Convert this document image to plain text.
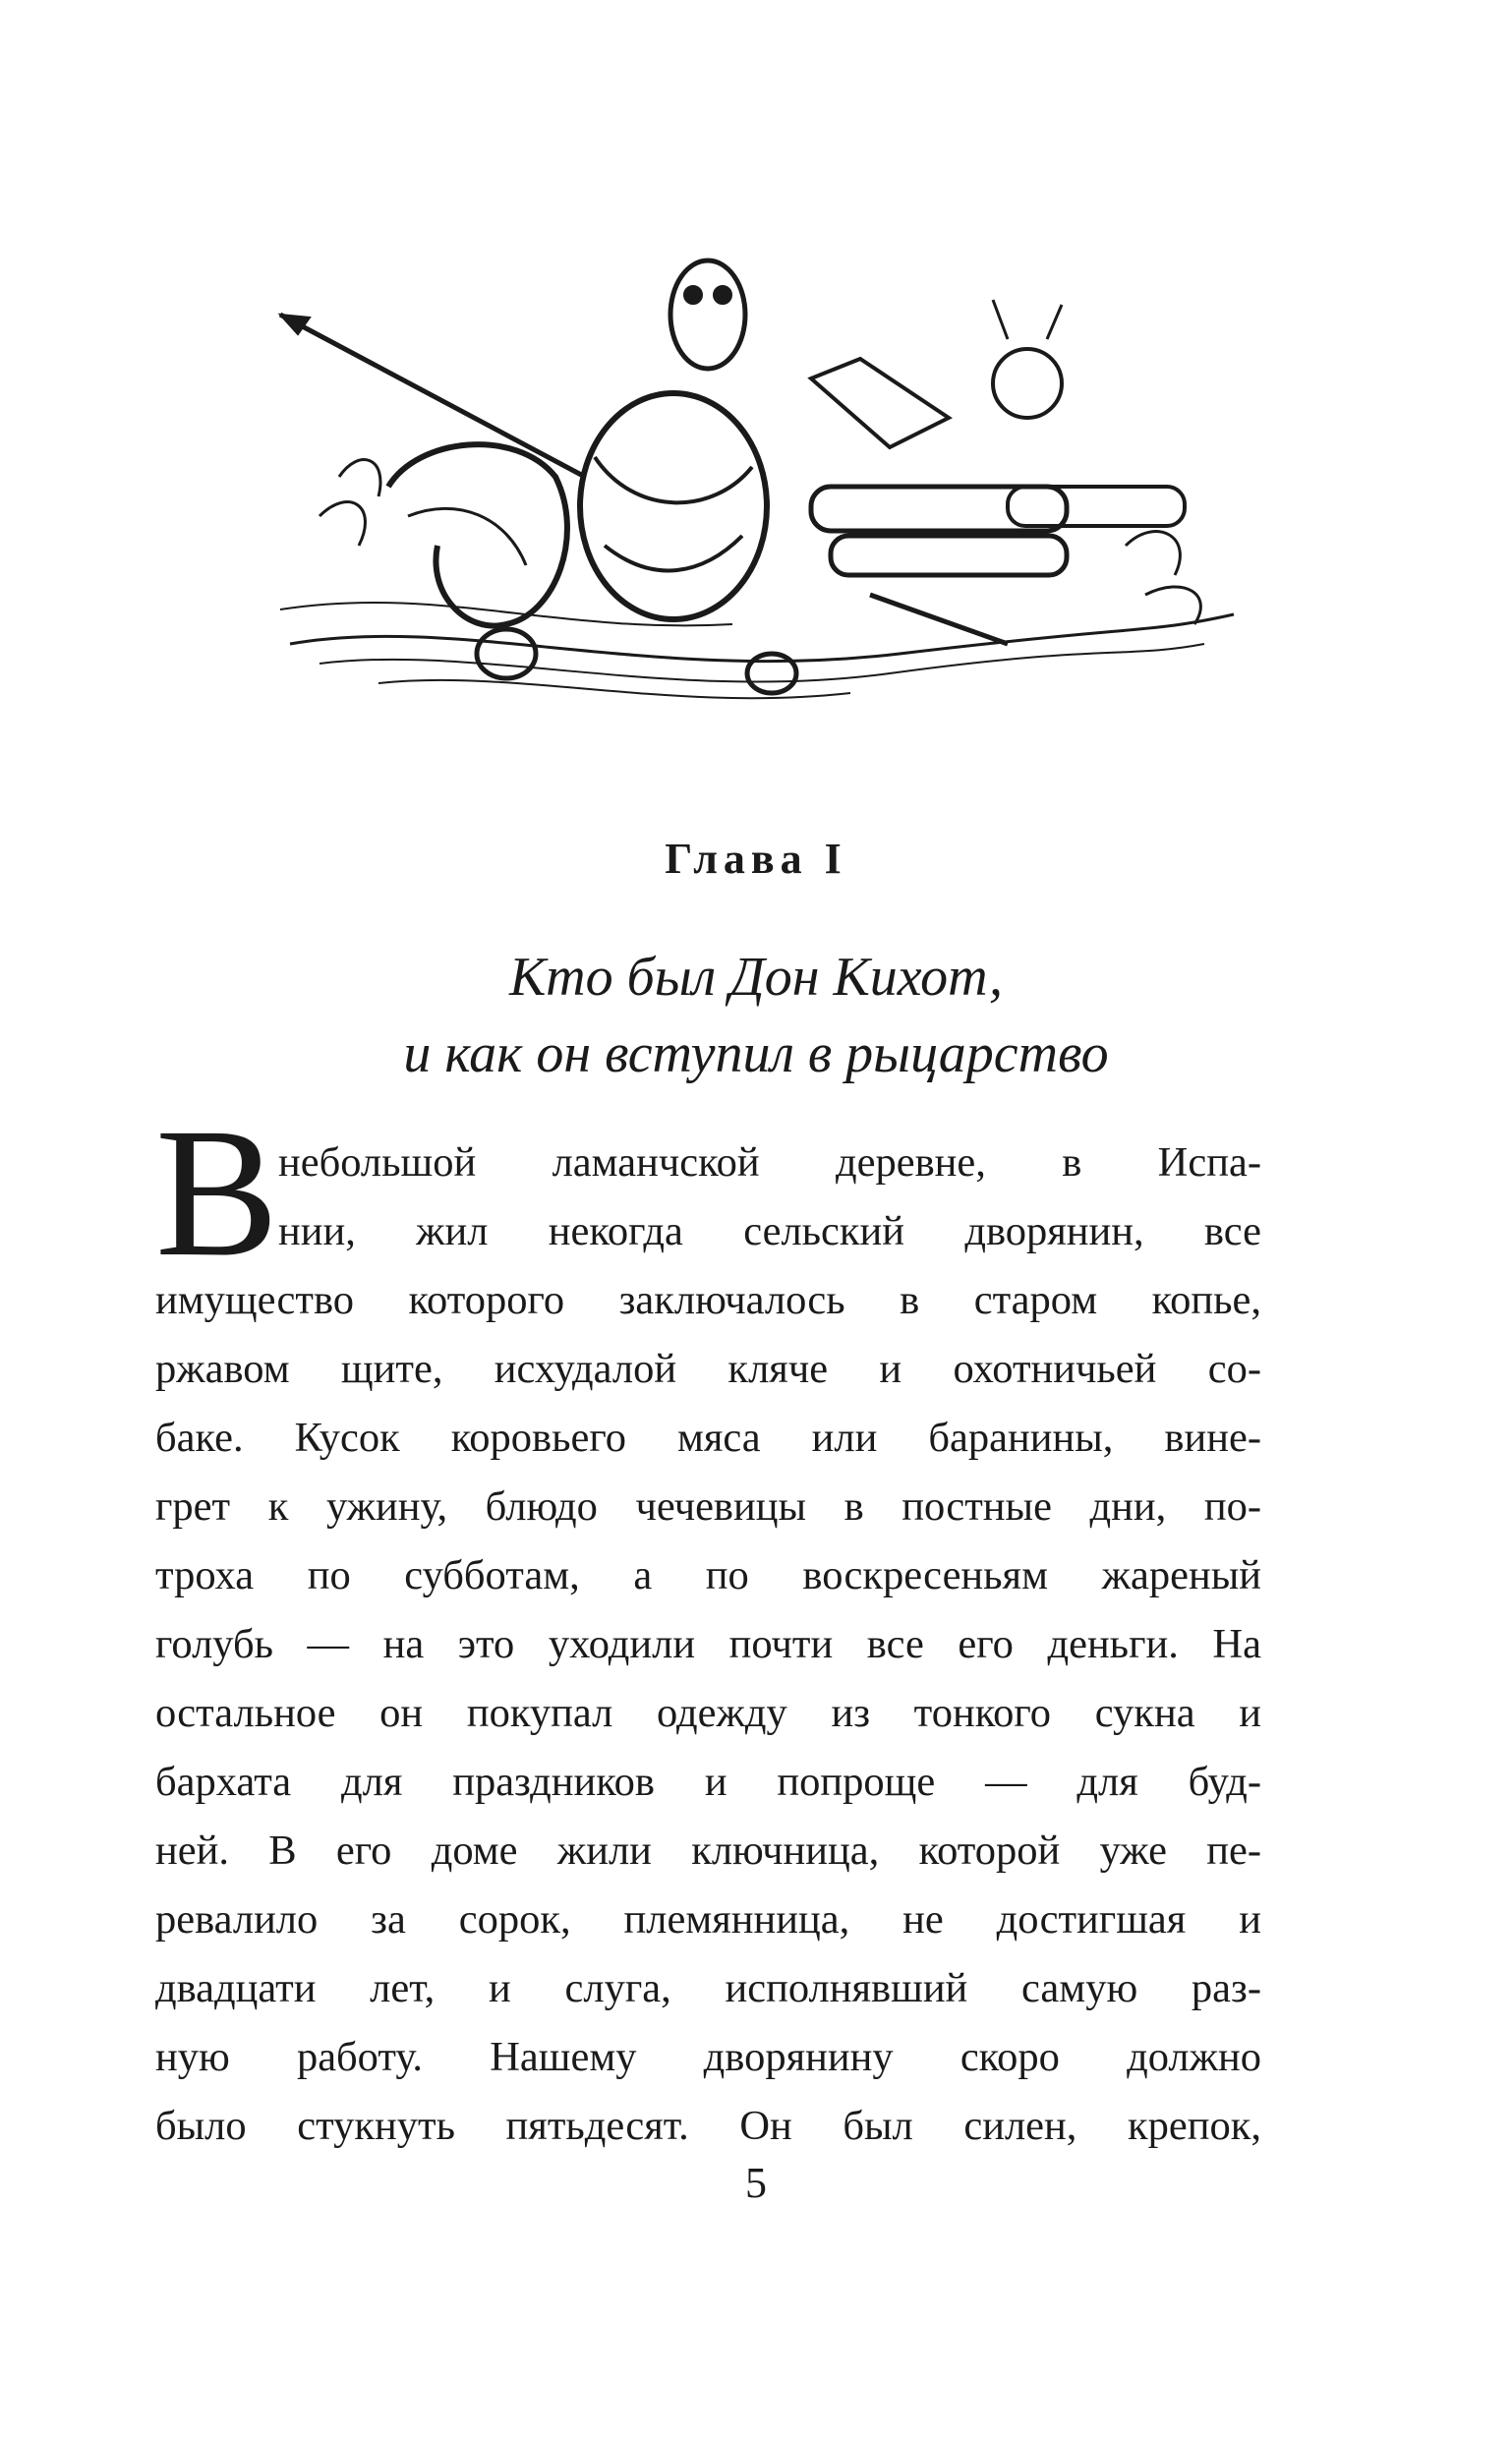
Глава I
Кто был Дон Кихот,
и как он вступил в рыцарство
В небольшой ламанчской деревне, в Испа-
нии, жил некогда сельский дворянин, все
имущество которого заключалось в старом копье,
ржавом щите, исхудалой кляче и охотничьей со-
баке. Кусок коровьего мяса или баранины, вине-
грет к ужину, блюдо чечевицы в постные дни, по-
троха по субботам, а по воскресеньям жареный
голубь — на это уходили почти все его деньги. На
остальное он покупал одежду из тонкого сукна и
бархата для праздников и попроще — для буд-
ней. В его доме жили ключница, которой уже пе-
ревалило за сорок, племянница, не достигшая и
двадцати лет, и слуга, исполнявший самую раз-
ную работу. Нашему дворянину скоро должно
было стукнуть пятьдесят. Он был силен, крепок,
5
